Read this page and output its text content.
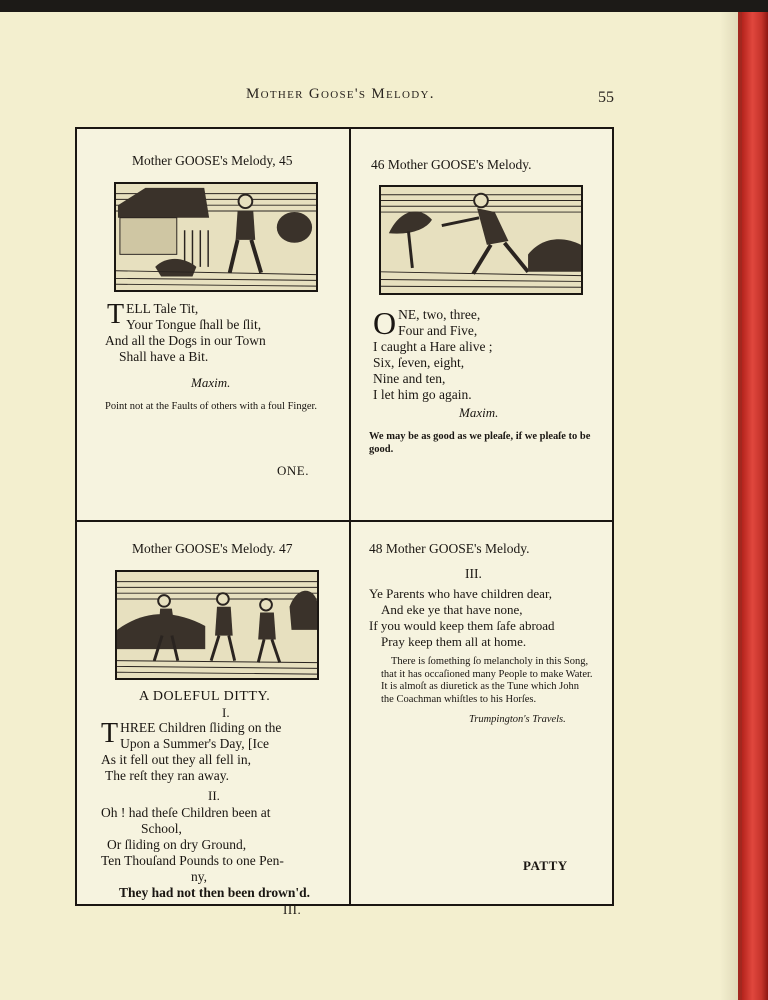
Mother Goose's Melody.	55
Mother GOOSE's Melody, 45
T ELL Tale Tit,
Your Tongue ſhall be ſlit,
And all the Dogs in our Town
Shall have a Bit.
Maxim.
Point not at the Faults of others with a foul Finger.
ONE.
46 Mother GOOSE's Melody.
O NE, two, three,
Four and Five,
I caught a Hare alive ;
Six, ſeven, eight,
Nine and ten,
I let him go again.
Maxim.
We may be as good as we pleaſe, if we pleaſe to be good.
Mother GOOSE's Melody. 47
A DOLEFUL DITTY.
I.
T HREE Children ſliding on the
Upon a Summer's Day, [Ice
As it fell out they all fell in,
The reſt they ran away.
II.
Oh ! had theſe Children been at
School,
Or ſliding on dry Ground,
Ten Thouſand Pounds to one Pen-
ny,
They had not then been drown'd.
III.
48 Mother GOOSE's Melody.
III.
Ye Parents who have children dear,
And eke ye that have none,
If you would keep them ſafe abroad
Pray keep them all at home.
There is ſomething ſo melancholy in this Song, that it has occaſioned many People to make Water. It is almoſt as diuretick as the Tune which John the Coachman whiſtles to his Horſes.
Trumpington's Travels.
PATTY
